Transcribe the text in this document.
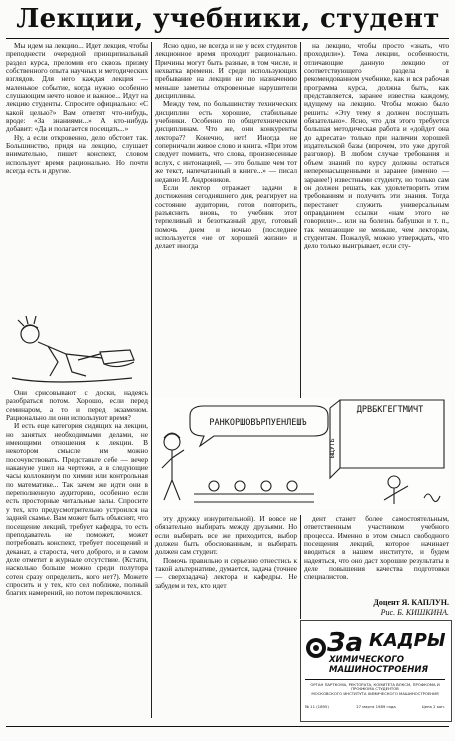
Лекции, учебники, студент

Мы идем на лекцию... Идет лекция, чтобы преподнести очередной принципиальный раздел курса, преломив его сквозь призму собственного опыта научных и методических взглядов. Для него каждая лекция — маленькое событие, когда нужно особенно слушающим нечто новое и важное... Идут на лекцию студенты. Спросите официально: «С какой целью?» Вам ответят что-нибудь, вроде: «За знаниями...» А кто-нибудь добавит: «Да и полагается посещать...»

Ну, а если откровенно, дело обстоит так. Большинство, придя на лекцию, слушает внимательно, пишет конспект, словом использует время рационально. Но почти всегда есть и другие.

Они срисовывают с доски, надеясь разобраться потом. Хорошо, если перед семинаром, а то и перед экзаменом. Рационально ли они используют время?

И есть еще категория сидящих на лекции, но занятых необходимыми делами, не имеющими отношения к лекции. В некотором смысле им можно посочувствовать. Представьте себе — вечер накануне ушел на чертежи, а в следующие часы коллоквиум по химии или контрольная по математике... Так зачем же идти они в переполненную аудиторию, особенно если есть просторные читальные залы. Спросите у тех, кто предусмотрительно устроился на задней скамье. Вам может быть объяснят, что посещение лекций, требует кафедра, то есть преподаватель не поможет, может потребовать конспект, требует посещений и деканат, а староста, чего доброго, и в самом деле отметит в журнале отсутствие. (Кстати, насколько больше можно среди полутора сотен сразу определить, кого нет?). Можете спросить и у тех, кто сел поближе, полный благих намерений, но потом переключился.

Ясно одно, не всегда и не у всех студентов лекционное время проходит рационально. Причины могут быть разные, в том числе, и нехватка времени. И среди использующих пребывание на лекции не по назначению меньше заметны откровенные нарушители дисциплины.

Между тем, по большинству технических дисциплин есть хорошие, стабильные учебники. Особенно по общетехническим дисциплинам. Что же, они конкуренты лектора?? Конечно, нет! Иногда не соперничали живое слово и книга. «При этом следует помнить, что слова, произнесенные вслух, с интонацией, — это больше чем тот же текст, напечатанный в книге...» — писал недавно И. Андроников.

Если лектор отражает задачи в достижения сегодняшнего дня, реагирует на состояние аудитории, готов повторить, разъяснить вновь, то учебник этот терпеливый и безотказный друг, готовый помочь днем и ночью (последнее используется «не от хорошей жизни» и делает иногда

на лекцию, чтобы просто «знать, что проходили»). Тема лекции, особенности, отличающие данную лекцию от соответствующего раздела в рекомендованном учебнике, как и вся рабочая программа курса, должна быть, как представляется, заранее известна каждому, идущему на лекцию. Чтобы можно было решить: «Эту тему я должен послушать обязательно». Ясно, что для этого требуется большая методическая работа и «дойдет она до адресата» только при наличии хорошей издательской базы (впрочем, это уже другой разговор). В любом случае требования и объем знаний по курсу должны остаться неперенасыщенными и заранее (именно — заранее!) известными студенту, но только сам он должен решать, как удовлетворить этим требованиям и получить эти знания. Тогда перестанет служить универсальным оправданием ссылки «нам этого не говорили»... или на болезнь бабушки и т. п., так мешающие не меньше, чем лекторам, студентам. Пожалуй, можно утверждать, что дело только выигрывает, если сту-

РАНКОРШОВЪРПУЕНЛЕШЪ
ДРВБКГЕГТМИЧТ
ЫЦУТБ

эту дружку изнурительной). И вовсе не обязательно выбирать между друзьями. Но если выбирать все же приходится, выбор должен быть обоснованным, и выбирать должен сам студент.

Помочь правильно и серьезно отнестись к такой альтернативе, думается, задача (точнее — сверхзадача) лектора и кафедры. Не забудем и тех, кто идет

дент станет более самостоятельным, ответственным участником учебного процесса. Именно в этом смысл свободного посещения лекций, которое начинает вводиться в нашем институте, и будем надеяться, что оно даст хорошие результаты в деле повышения качества подготовки специалистов.

Доцент Я. КАПЛУН.
Рис. Б. КИШКИНА.
За КАДРЫ
ХИМИЧЕСКОГО МАШИНОСТРОЕНИЯ
ОРГАН ПАРТКОМА, РЕКТОРАТА, КОМИТЕТА ВЛКСМ, ПРОФКОМА И ПРОФКОМА СТУДЕНТОВ
МОСКОВСКОГО ИНСТИТУТА ХИМИЧЕСКОГО МАШИНОСТРОЕНИЯ
№ 11 (1895)	27 марта 1989 года	Цена 2 коп.
